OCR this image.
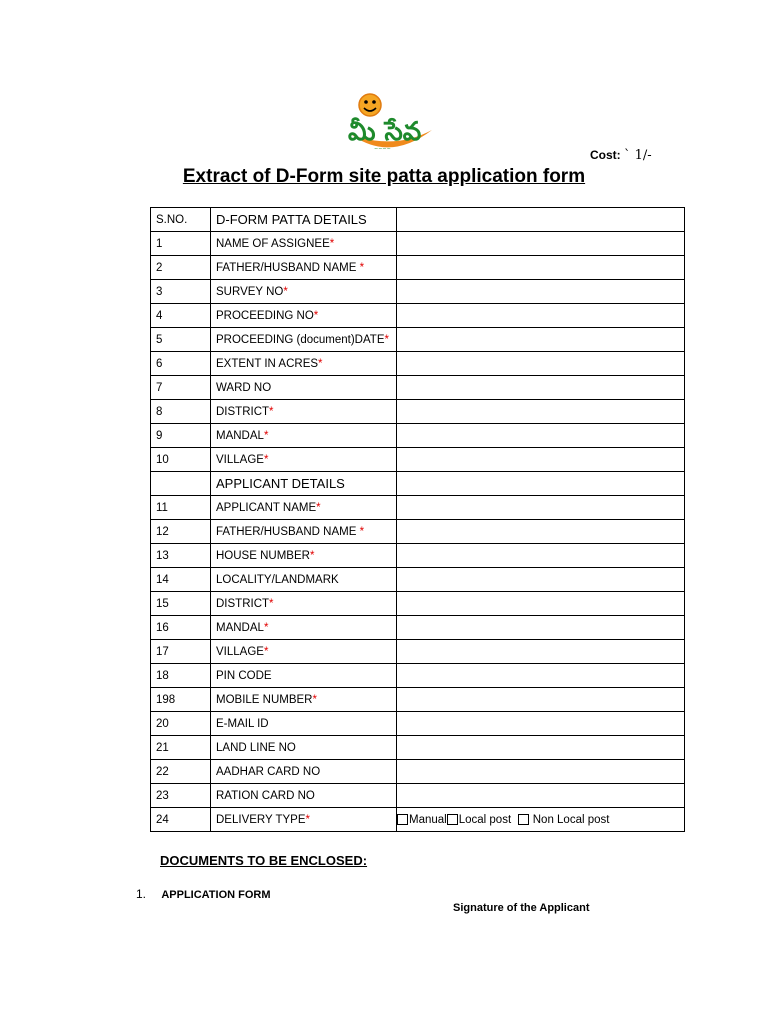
మీ సేవ
∼∼∼∼	Cost: ` 1/-
Extract of D-Form site patta application form
S.NO.	D-FORM PATTA DETAILS	
1	NAME OF ASSIGNEE*	
2	FATHER/HUSBAND NAME *	
3	SURVEY NO*	
4	PROCEEDING NO*	
5	PROCEEDING (document)DATE*	
6	EXTENT IN ACRES*	
7	WARD NO	
8	DISTRICT*	
9	MANDAL*	
10	VILLAGE*	
	APPLICANT DETAILS	
11	APPLICANT NAME*	
12	FATHER/HUSBAND NAME *	
13	HOUSE NUMBER*	
14	LOCALITY/LANDMARK	
15	DISTRICT*	
16	MANDAL*	
17	VILLAGE*	
18	PIN CODE	
198	MOBILE NUMBER*	
20	E-MAIL ID	
21	LAND LINE NO	
22	AADHAR CARD NO	
23	RATION CARD NO	
24	DELIVERY TYPE*	Manual Local post Non Local post
DOCUMENTS TO BE ENCLOSED:
1. APPLICATION FORM
Signature of the Applicant
